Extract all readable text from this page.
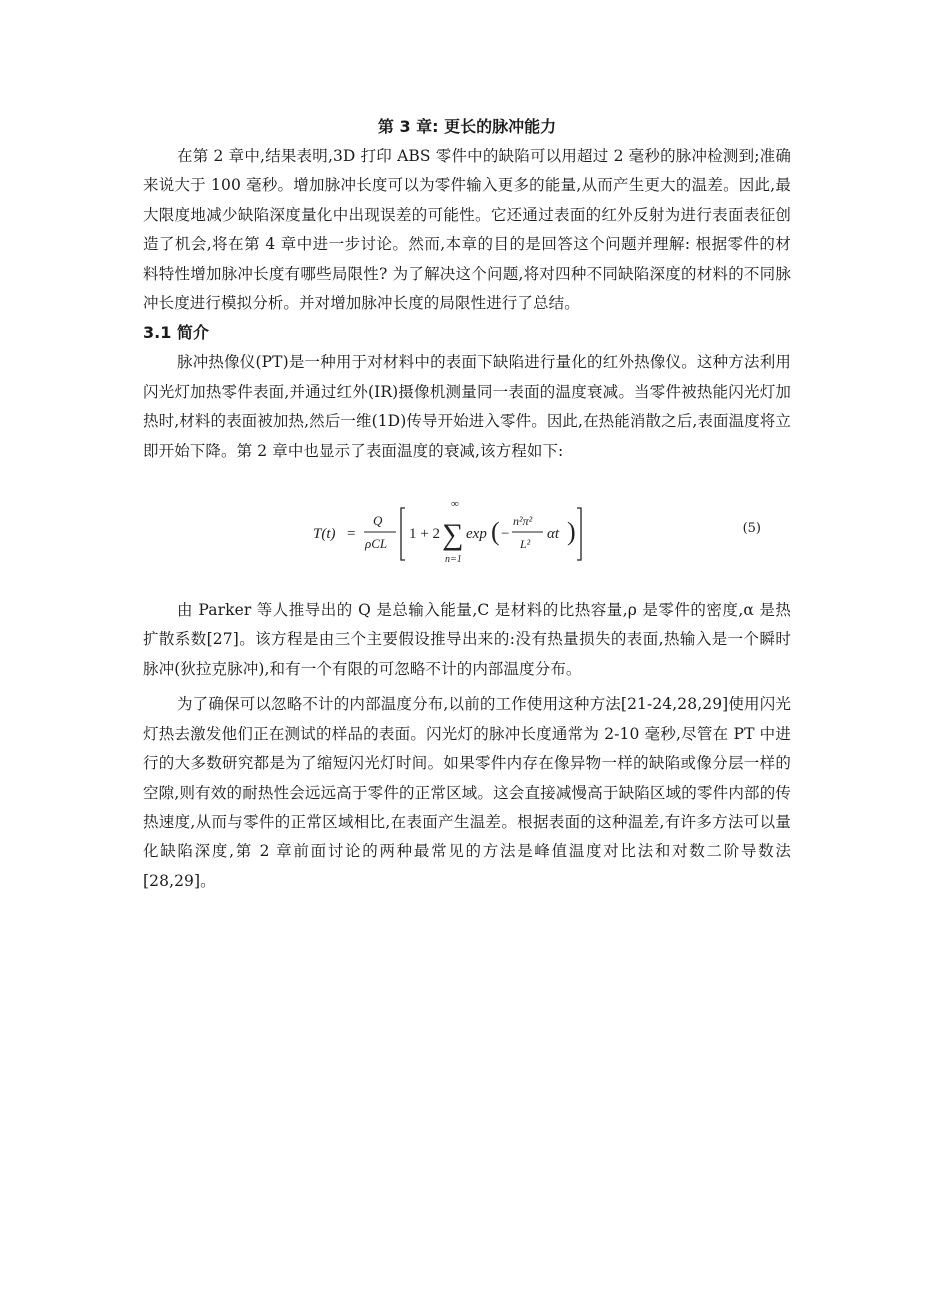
第 3 章: 更长的脉冲能力

在第 2 章中,结果表明,3D 打印 ABS 零件中的缺陷可以用超过 2 毫秒的脉冲检测到;准确来说大于 100 毫秒。增加脉冲长度可以为零件输入更多的能量,从而产生更大的温差。因此,最大限度地减少缺陷深度量化中出现误差的可能性。它还通过表面的红外反射为进行表面表征创造了机会,将在第 4 章中进一步讨论。然而,本章的目的是回答这个问题并理解: 根据零件的材料特性增加脉冲长度有哪些局限性? 为了解决这个问题,将对四种不同缺陷深度的材料的不同脉冲长度进行模拟分析。并对增加脉冲长度的局限性进行了总结。

3.1 简介

脉冲热像仪(PT)是一种用于对材料中的表面下缺陷进行量化的红外热像仪。这种方法利用闪光灯加热零件表面,并通过红外(IR)摄像机测量同一表面的温度衰减。当零件被热能闪光灯加热时,材料的表面被加热,然后一维(1D)传导开始进入零件。因此,在热能消散之后,表面温度将立即开始下降。第 2 章中也显示了表面温度的衰减,该方程如下:

T(t) =
Q
ρCL
1 + 2
∞
∑
n=1
exp ( −
n²π²
L²
αt )	(5)

由 Parker 等人推导出的 Q 是总输入能量,C 是材料的比热容量,ρ 是零件的密度,α 是热扩散系数[27]。该方程是由三个主要假设推导出来的:没有热量损失的表面,热输入是一个瞬时脉冲(狄拉克脉冲),和有一个有限的可忽略不计的内部温度分布。

为了确保可以忽略不计的内部温度分布,以前的工作使用这种方法[21-24,28,29]使用闪光灯热去激发他们正在测试的样品的表面。闪光灯的脉冲长度通常为 2-10 毫秒,尽管在 PT 中进行的大多数研究都是为了缩短闪光灯时间。如果零件内存在像异物一样的缺陷或像分层一样的空隙,则有效的耐热性会远远高于零件的正常区域。这会直接减慢高于缺陷区域的零件内部的传热速度,从而与零件的正常区域相比,在表面产生温差。根据表面的这种温差,有许多方法可以量化缺陷深度,第 2 章前面讨论的两种最常见的方法是峰值温度对比法和对数二阶导数法[28,29]。
